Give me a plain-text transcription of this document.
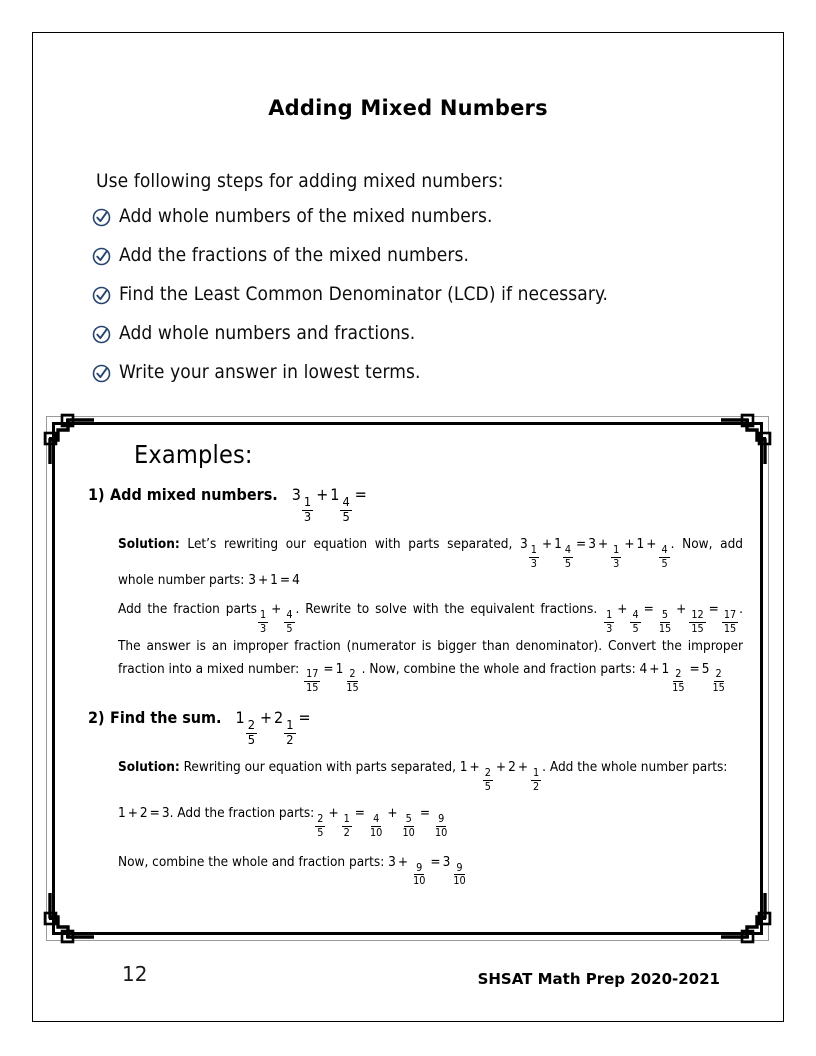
Adding Mixed Numbers
Use following steps for adding mixed numbers:
Add whole numbers of the mixed numbers.
Add the fractions of the mixed numbers.
Find the Least Common Denominator (LCD) if necessary.
Add whole numbers and fractions.
Write your answer in lowest terms.
Examples:
1) Add mixed numbers. 3
$\frac{1}{3}$
+ 1
$\frac{4}{5}$
=

Solution: Let’s rewriting our equation with parts separated, 3
$\frac{1}{3}$
+ 1
$\frac{4}{5}$
= 3 +
$\frac{1}{3}$
+ 1 +
$\frac{4}{5}$
. Now, add whole number parts: 3 + 1 = 4

Add the fraction parts
$\frac{1}{3}$
+
$\frac{4}{5}$
. Rewrite to solve with the equivalent fractions.
$\frac{1}{3}$
+
$\frac{4}{5}$
=
$\frac{5}{15}$
+
$\frac{12}{15}$
=
$\frac{17}{15}$
. The answer is an improper fraction (numerator is bigger than denominator). Convert the improper fraction into a mixed number:
$\frac{17}{15}$
= 1
$\frac{2}{15}$
. Now, combine the whole and fraction parts: 4 + 1
$\frac{2}{15}$
= 5
$\frac{2}{15}$

2) Find the sum. 1
$\frac{2}{5}$
+ 2
$\frac{1}{2}$
=

Solution: Rewriting our equation with parts separated, 1 +
$\frac{2}{5}$
+ 2 +
$\frac{1}{2}$
. Add the whole number parts:

1 + 2 = 3. Add the fraction parts:
$\frac{2}{5}$
+
$\frac{1}{2}$
=
$\frac{4}{10}$
+
$\frac{5}{10}$
=
$\frac{9}{10}$

Now, combine the whole and fraction parts: 3 +
$\frac{9}{10}$
= 3
$\frac{9}{10}$

12	SHSAT Math Prep 2020-2021
